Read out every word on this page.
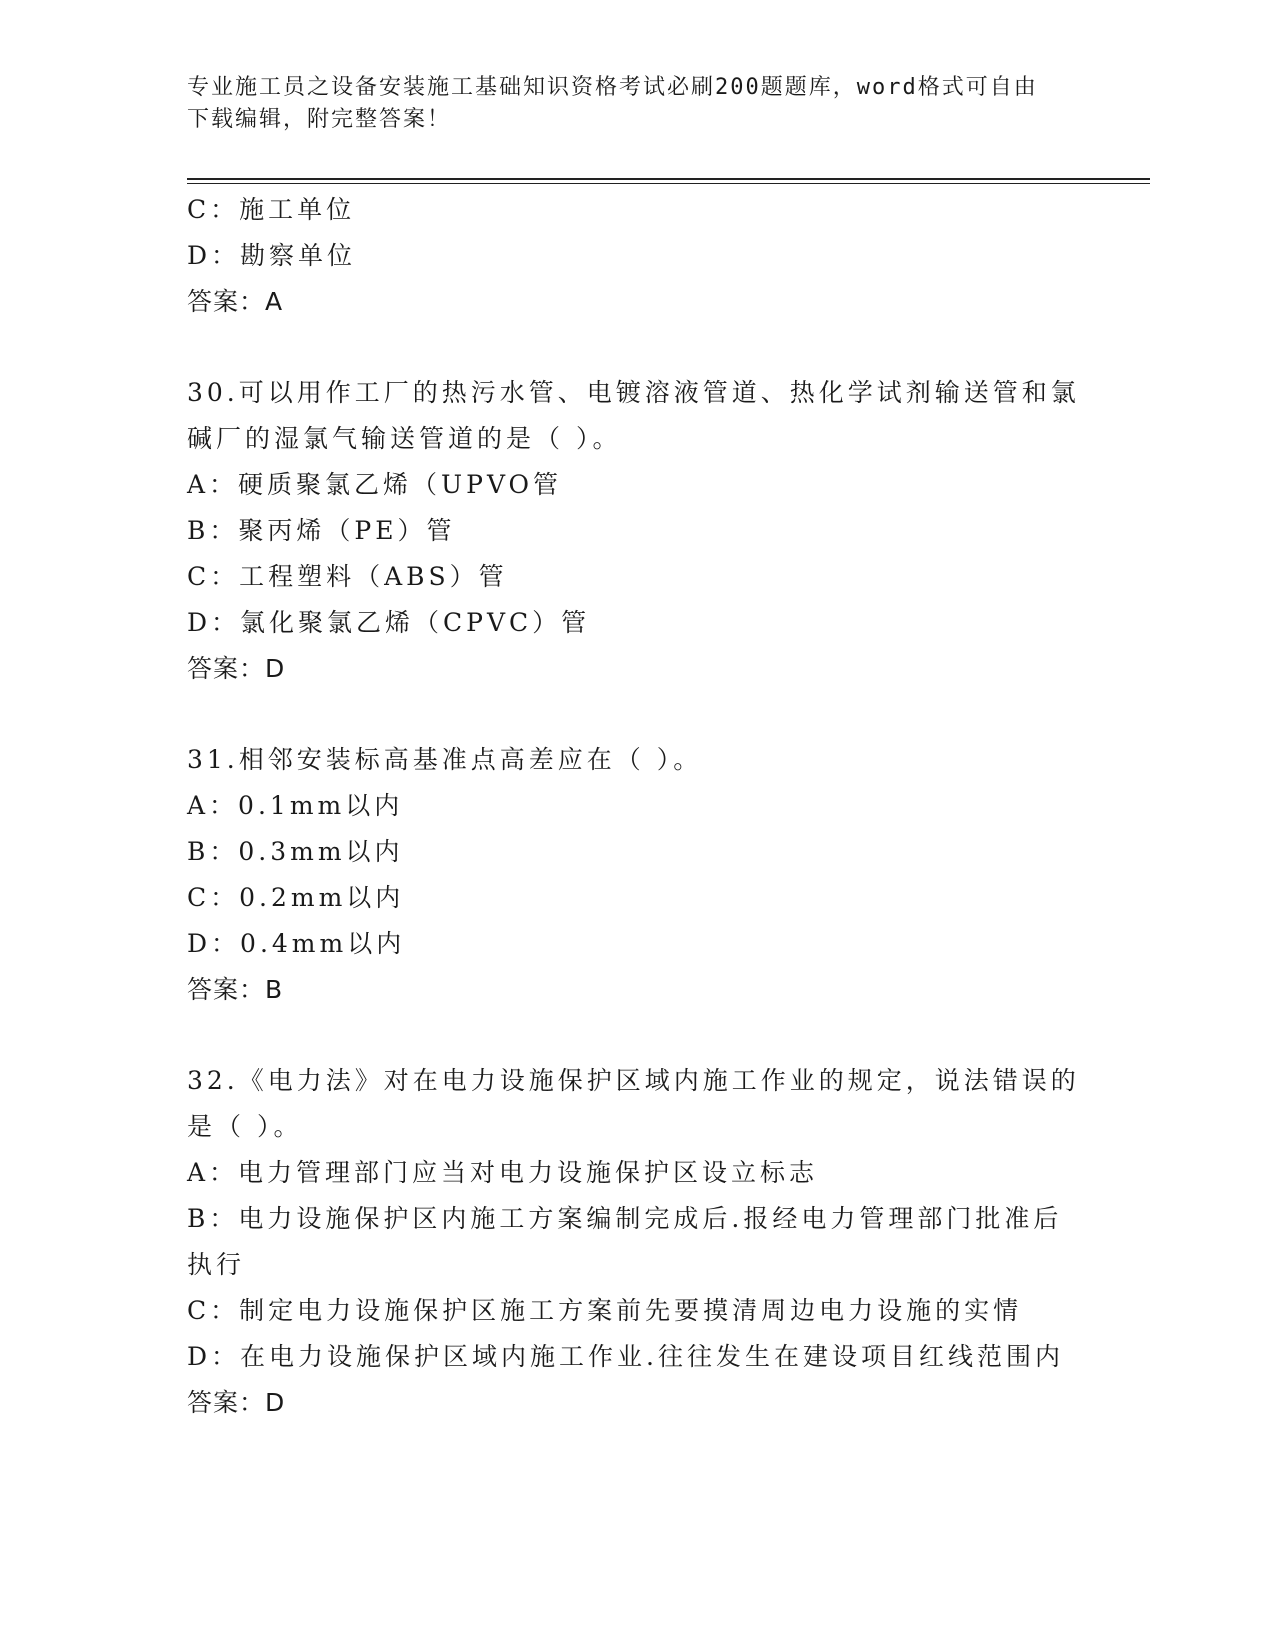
专业施工员之设备安装施工基础知识资格考试必刷200题题库，word格式可自由
下载编辑，附完整答案！
C：施工单位
D：勘察单位
答案：A
30.可以用作工厂的热污水管、电镀溶液管道、热化学试剂输送管和氯
碱厂的湿氯气输送管道的是（ ）。
A：硬质聚氯乙烯（UPVO管
B：聚丙烯（PE）管
C：工程塑料（ABS）管
D：氯化聚氯乙烯（CPVC）管
答案：D
31.相邻安装标高基准点高差应在（ ）。
A：0.1mm以内
B：0.3mm以内
C：0.2mm以内
D：0.4mm以内
答案：B
32.《电力法》对在电力设施保护区域内施工作业的规定，说法错误的
是（ ）。
A：电力管理部门应当对电力设施保护区设立标志
B：电力设施保护区内施工方案编制完成后.报经电力管理部门批准后
执行
C：制定电力设施保护区施工方案前先要摸清周边电力设施的实情
D：在电力设施保护区域内施工作业.往往发生在建设项目红线范围内
答案：D
